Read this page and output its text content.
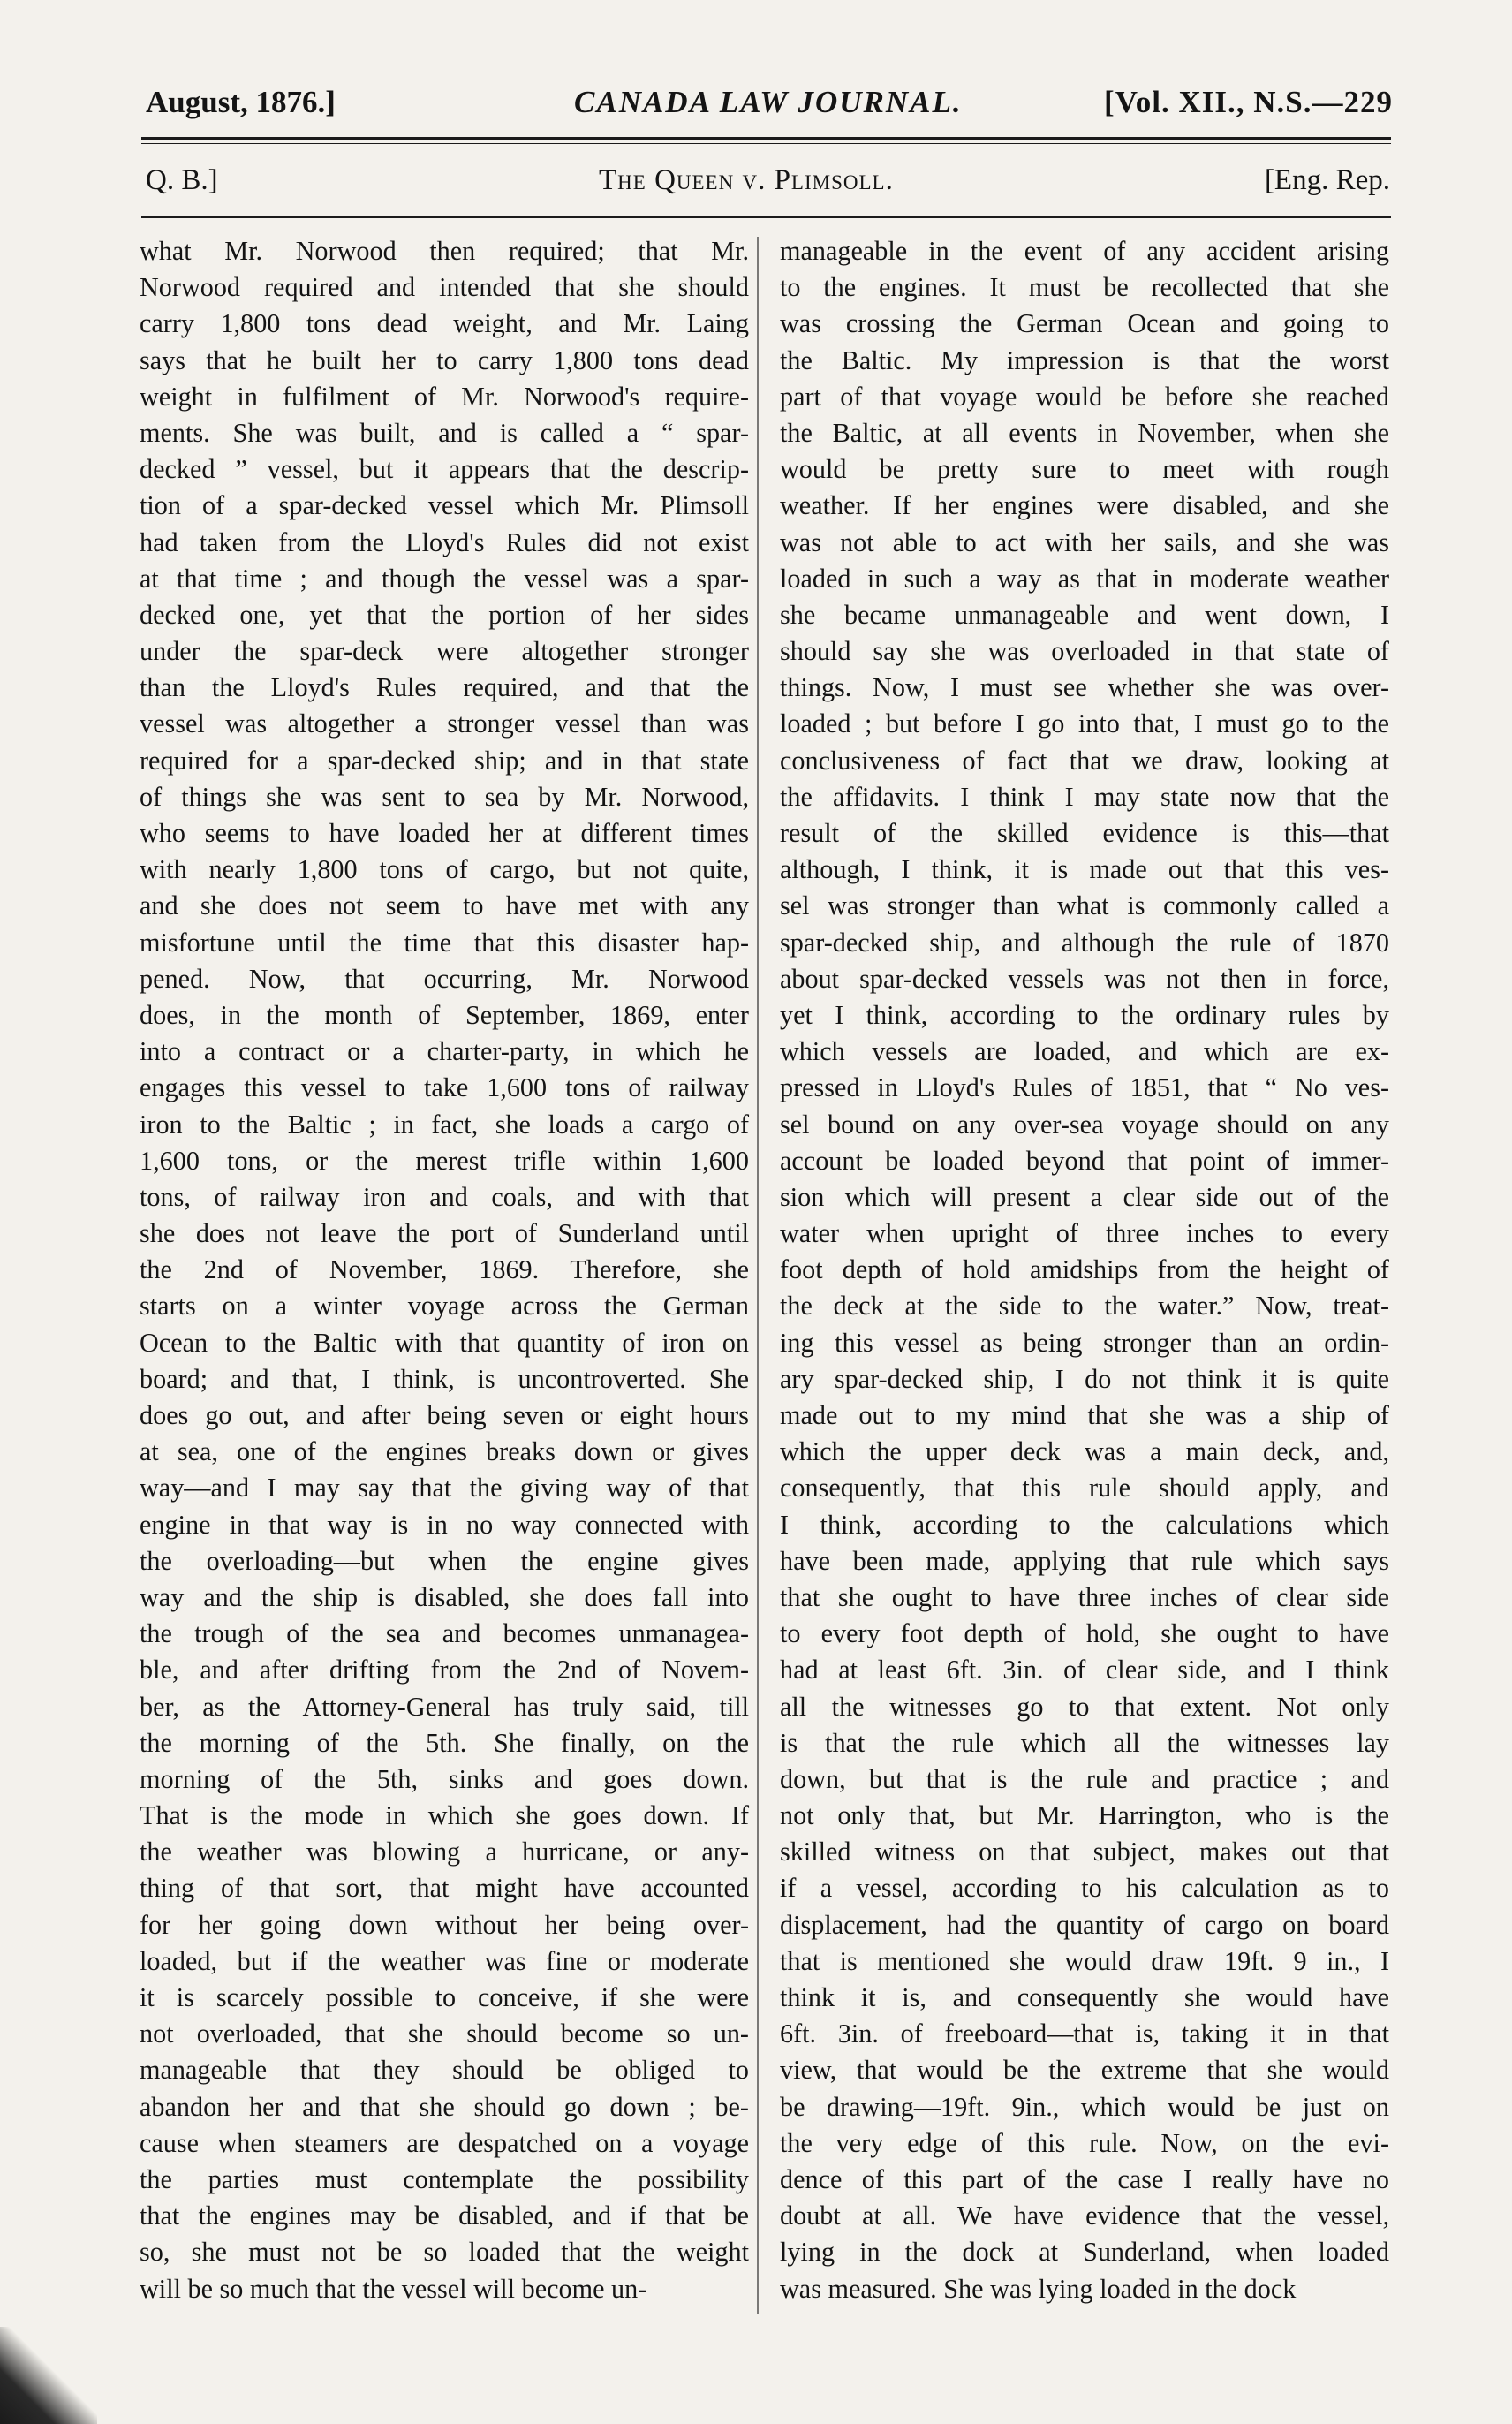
August, 1876.]	CANADA LAW JOURNAL.	[Vol. XII., N.S.—229
Q. B.]	The Queen v. Plimsoll.	[Eng. Rep.
what Mr. Norwood then required; that Mr.
Norwood required and intended that she should
carry 1,800 tons dead weight, and Mr. Laing
says that he built her to carry 1,800 tons dead
weight in fulfilment of Mr. Norwood's require-
ments. She was built, and is called a “ spar-
decked ” vessel, but it appears that the descrip-
tion of a spar-decked vessel which Mr. Plimsoll
had taken from the Lloyd's Rules did not exist
at that time ; and though the vessel was a spar-
decked one, yet that the portion of her sides
under the spar-deck were altogether stronger
than the Lloyd's Rules required, and that the
vessel was altogether a stronger vessel than was
required for a spar-decked ship; and in that state
of things she was sent to sea by Mr. Norwood,
who seems to have loaded her at different times
with nearly 1,800 tons of cargo, but not quite,
and she does not seem to have met with any
misfortune until the time that this disaster hap-
pened. Now, that occurring, Mr. Norwood
does, in the month of September, 1869, enter
into a contract or a charter-party, in which he
engages this vessel to take 1,600 tons of railway
iron to the Baltic ; in fact, she loads a cargo of
1,600 tons, or the merest trifle within 1,600
tons, of railway iron and coals, and with that
she does not leave the port of Sunderland until
the 2nd of November, 1869. Therefore, she
starts on a winter voyage across the German
Ocean to the Baltic with that quantity of iron on
board; and that, I think, is uncontroverted. She
does go out, and after being seven or eight hours
at sea, one of the engines breaks down or gives
way—and I may say that the giving way of that
engine in that way is in no way connected with
the overloading—but when the engine gives
way and the ship is disabled, she does fall into
the trough of the sea and becomes unmanagea-
ble, and after drifting from the 2nd of Novem-
ber, as the Attorney-General has truly said, till
the morning of the 5th. She finally, on the
morning of the 5th, sinks and goes down.
That is the mode in which she goes down. If
the weather was blowing a hurricane, or any-
thing of that sort, that might have accounted
for her going down without her being over-
loaded, but if the weather was fine or moderate
it is scarcely possible to conceive, if she were
not overloaded, that she should become so un-
manageable that they should be obliged to
abandon her and that she should go down ; be-
cause when steamers are despatched on a voyage
the parties must contemplate the possibility
that the engines may be disabled, and if that be
so, she must not be so loaded that the weight
will be so much that the vessel will become un-
manageable in the event of any accident arising
to the engines. It must be recollected that she
was crossing the German Ocean and going to
the Baltic. My impression is that the worst
part of that voyage would be before she reached
the Baltic, at all events in November, when she
would be pretty sure to meet with rough
weather. If her engines were disabled, and she
was not able to act with her sails, and she was
loaded in such a way as that in moderate weather
she became unmanageable and went down, I
should say she was overloaded in that state of
things. Now, I must see whether she was over-
loaded ; but before I go into that, I must go to the
conclusiveness of fact that we draw, looking at
the affidavits. I think I may state now that the
result of the skilled evidence is this—that
although, I think, it is made out that this ves-
sel was stronger than what is commonly called a
spar-decked ship, and although the rule of 1870
about spar-decked vessels was not then in force,
yet I think, according to the ordinary rules by
which vessels are loaded, and which are ex-
pressed in Lloyd's Rules of 1851, that “ No ves-
sel bound on any over-sea voyage should on any
account be loaded beyond that point of immer-
sion which will present a clear side out of the
water when upright of three inches to every
foot depth of hold amidships from the height of
the deck at the side to the water.” Now, treat-
ing this vessel as being stronger than an ordin-
ary spar-decked ship, I do not think it is quite
made out to my mind that she was a ship of
which the upper deck was a main deck, and,
consequently, that this rule should apply, and
I think, according to the calculations which
have been made, applying that rule which says
that she ought to have three inches of clear side
to every foot depth of hold, she ought to have
had at least 6ft. 3in. of clear side, and I think
all the witnesses go to that extent. Not only
is that the rule which all the witnesses lay
down, but that is the rule and practice ; and
not only that, but Mr. Harrington, who is the
skilled witness on that subject, makes out that
if a vessel, according to his calculation as to
displacement, had the quantity of cargo on board
that is mentioned she would draw 19ft. 9 in., I
think it is, and consequently she would have
6ft. 3in. of freeboard—that is, taking it in that
view, that would be the extreme that she would
be drawing—19ft. 9in., which would be just on
the very edge of this rule. Now, on the evi-
dence of this part of the case I really have no
doubt at all. We have evidence that the vessel,
lying in the dock at Sunderland, when loaded
was measured. She was lying loaded in the dock
